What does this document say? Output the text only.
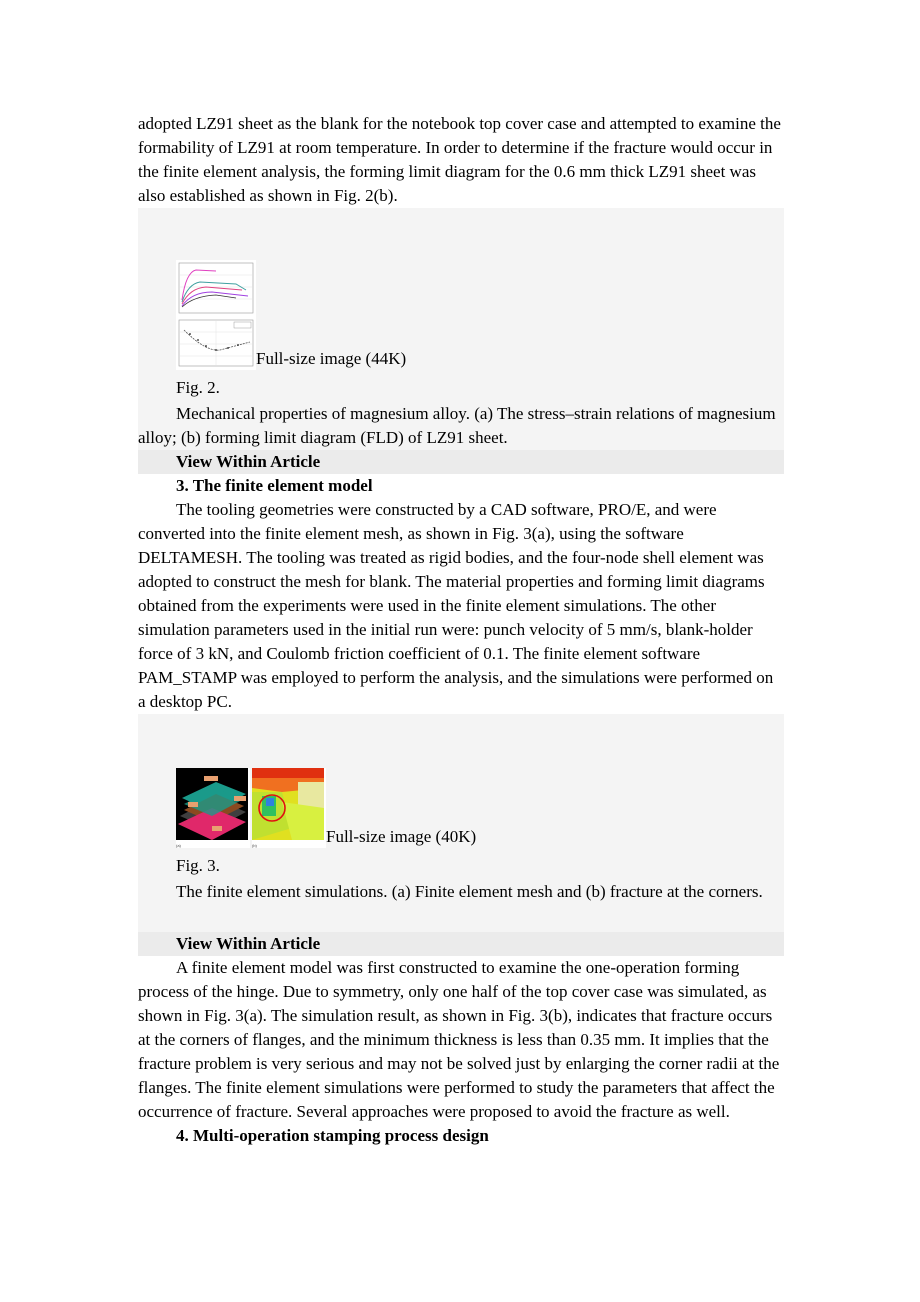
adopted LZ91 sheet as the blank for the notebook top cover case and attempted to examine the formability of LZ91 at room temperature. In order to determine if the fracture would occur in the finite element analysis, the forming limit diagram for the 0.6 mm thick LZ91 sheet was also established as shown in Fig. 2(b).

Full-size image (44K)

Fig. 2.

Mechanical properties of magnesium alloy. (a) The stress–strain relations of magnesium alloy; (b) forming limit diagram (FLD) of LZ91 sheet.

View Within Article

3. The finite element model

The tooling geometries were constructed by a CAD software, PRO/E, and were converted into the finite element mesh, as shown in Fig. 3(a), using the software DELTAMESH. The tooling was treated as rigid bodies, and the four-node shell element was adopted to construct the mesh for blank. The material properties and forming limit diagrams obtained from the experiments were used in the finite element simulations. The other simulation parameters used in the initial run were: punch velocity of 5 mm/s, blank-holder force of 3 kN, and Coulomb friction coefficient of 0.1. The finite element software PAM_STAMP was employed to perform the analysis, and the simulations were performed on a desktop PC.

(a)	(b)	Full-size image (40K)

Fig. 3.

The finite element simulations. (a) Finite element mesh and (b) fracture at the corners.

View Within Article

A finite element model was first constructed to examine the one-operation forming process of the hinge. Due to symmetry, only one half of the top cover case was simulated, as shown in Fig. 3(a). The simulation result, as shown in Fig. 3(b), indicates that fracture occurs at the corners of flanges, and the minimum thickness is less than 0.35 mm. It implies that the fracture problem is very serious and may not be solved just by enlarging the corner radii at the flanges. The finite element simulations were performed to study the parameters that affect the occurrence of fracture. Several approaches were proposed to avoid the fracture as well.

4. Multi-operation stamping process design
